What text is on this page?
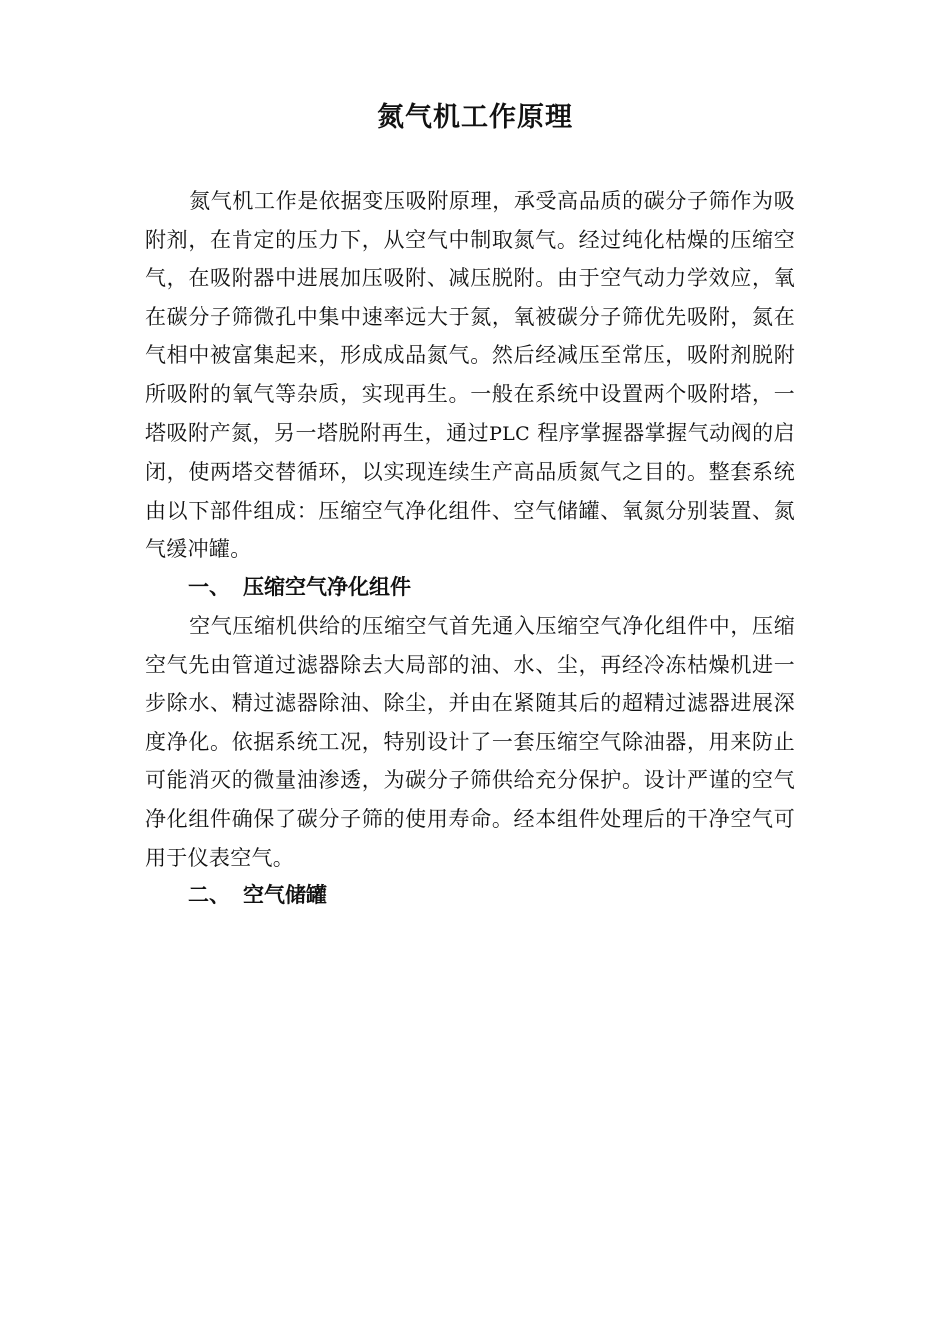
氮气机工作原理

氮气机工作是依据变压吸附原理，承受高品质的碳分子筛作为吸附剂，在肯定的压力下，从空气中制取氮气。经过纯化枯燥的压缩空气，在吸附器中进展加压吸附、减压脱附。由于空气动力学效应，氧在碳分子筛微孔中集中速率远大于氮，氧被碳分子筛优先吸附，氮在气相中被富集起来，形成成品氮气。然后经减压至常压，吸附剂脱附所吸附的氧气等杂质，实现再生。一般在系统中设置两个吸附塔，一塔吸附产氮，另一塔脱附再生，通过PLC 程序掌握器掌握气动阀的启闭，使两塔交替循环，以实现连续生产高品质氮气之目的。整套系统由以下部件组成：压缩空气净化组件、空气储罐、氧氮分别装置、氮气缓冲罐。

一、 压缩空气净化组件

空气压缩机供给的压缩空气首先通入压缩空气净化组件中，压缩空气先由管道过滤器除去大局部的油、水、尘，再经冷冻枯燥机进一步除水、精过滤器除油、除尘，并由在紧随其后的超精过滤器进展深度净化。依据系统工况，特别设计了一套压缩空气除油器，用来防止可能消灭的微量油渗透，为碳分子筛供给充分保护。设计严谨的空气净化组件确保了碳分子筛的使用寿命。经本组件处理后的干净空气可用于仪表空气。

二、 空气储罐
